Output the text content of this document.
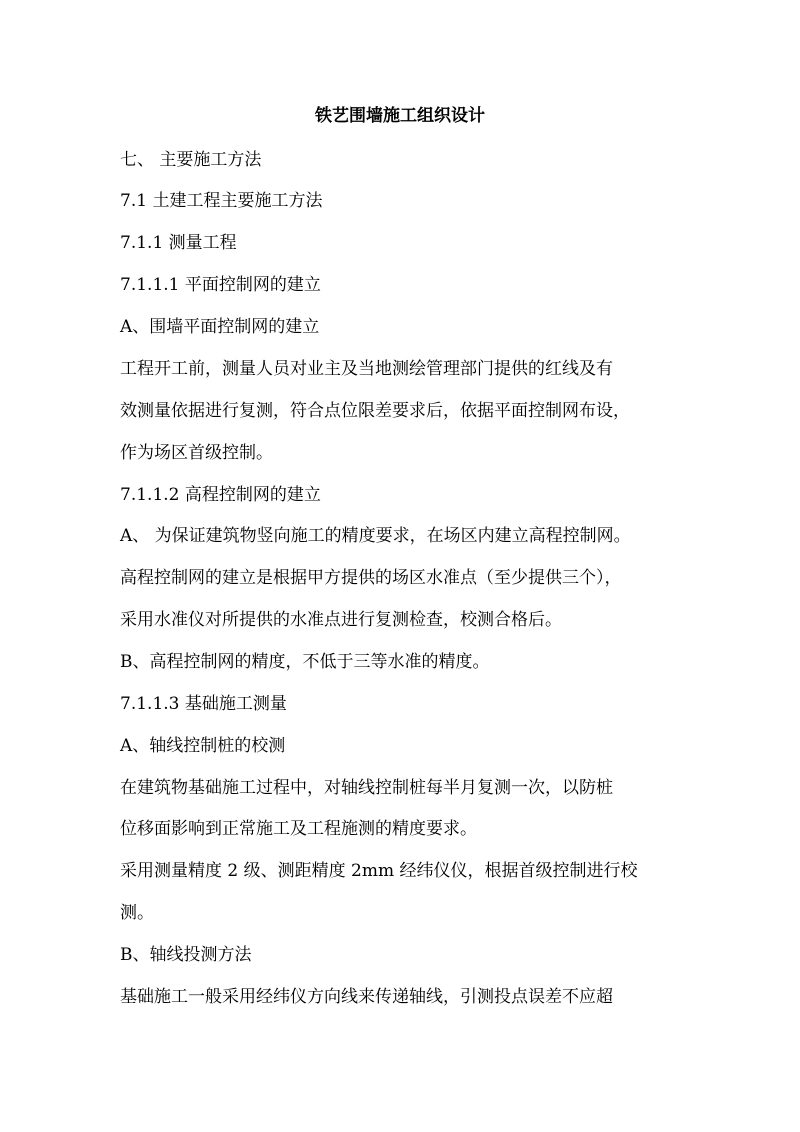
铁艺围墙施工组织设计
七、 主要施工方法
7.1 土建工程主要施工方法
7.1.1 测量工程
7.1.1.1 平面控制网的建立
A、围墙平面控制网的建立
工程开工前，测量人员对业主及当地测绘管理部门提供的红线及有
效测量依据进行复测，符合点位限差要求后，依据平面控制网布设，
作为场区首级控制。
7.1.1.2 高程控制网的建立
A、 为保证建筑物竖向施工的精度要求，在场区内建立高程控制网。
高程控制网的建立是根据甲方提供的场区水准点（至少提供三个），
采用水准仪对所提供的水准点进行复测检查，校测合格后。
B、高程控制网的精度，不低于三等水准的精度。
7.1.1.3 基础施工测量
A、轴线控制桩的校测
在建筑物基础施工过程中，对轴线控制桩每半月复测一次，以防桩
位移面影响到正常施工及工程施测的精度要求。
采用测量精度 2 级、测距精度 2mm 经纬仪仪，根据首级控制进行校
测。
B、轴线投测方法
基础施工一般采用经纬仪方向线来传递轴线，引测投点误差不应超
